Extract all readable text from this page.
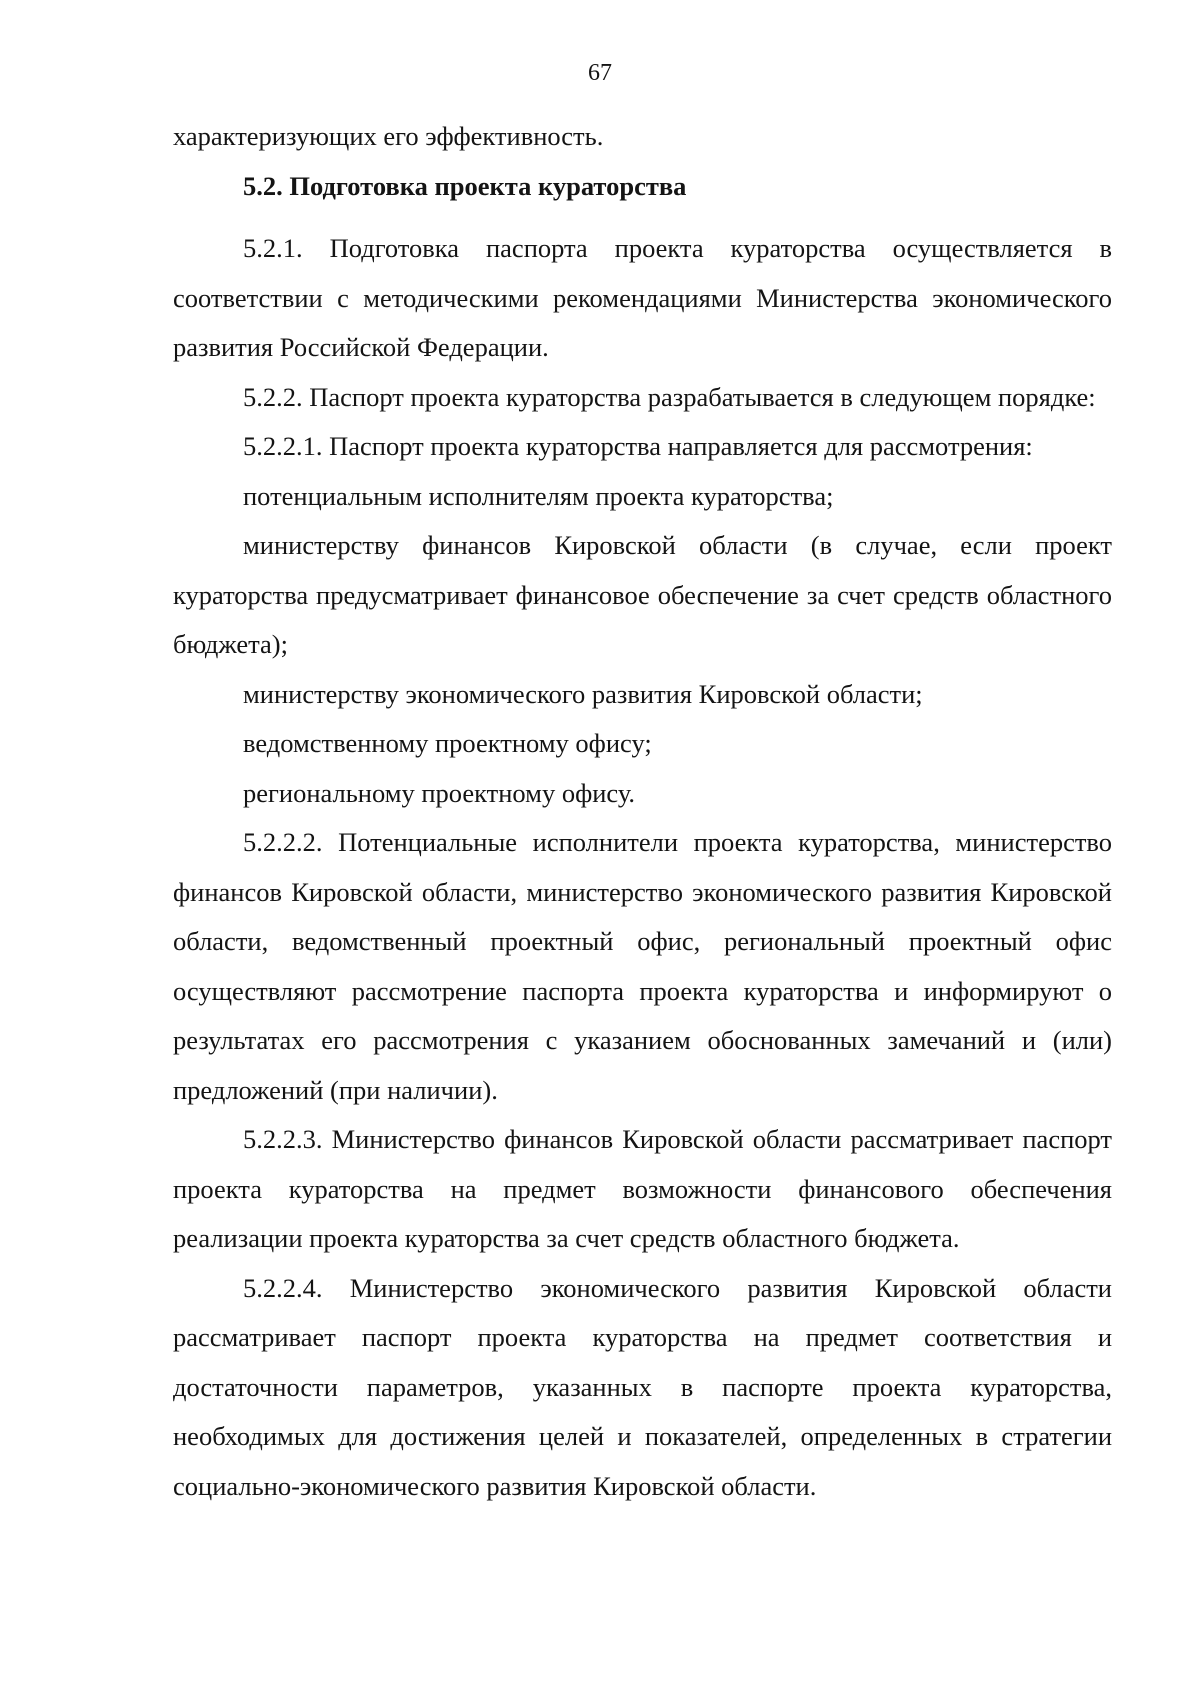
67

характеризующих его эффективность.

5.2. Подготовка проекта кураторства

5.2.1. Подготовка паспорта проекта кураторства осуществляется в соответствии с методическими рекомендациями Министерства экономического развития Российской Федерации.

5.2.2. Паспорт проекта кураторства разрабатывается в следующем порядке:

5.2.2.1. Паспорт проекта кураторства направляется для рассмотрения:

потенциальным исполнителям проекта кураторства;

министерству финансов Кировской области (в случае, если проект кураторства предусматривает финансовое обеспечение за счет средств областного бюджета);

министерству экономического развития Кировской области;

ведомственному проектному офису;

региональному проектному офису.

5.2.2.2. Потенциальные исполнители проекта кураторства, министерство финансов Кировской области, министерство экономического развития Кировской области, ведомственный проектный офис, региональный проектный офис осуществляют рассмотрение паспорта проекта кураторства и информируют о результатах его рассмотрения с указанием обоснованных замечаний и (или) предложений (при наличии).

5.2.2.3. Министерство финансов Кировской области рассматривает паспорт проекта кураторства на предмет возможности финансового обеспечения реализации проекта кураторства за счет средств областного бюджета.

5.2.2.4. Министерство экономического развития Кировской области рассматривает паспорт проекта кураторства на предмет соответствия и достаточности параметров, указанных в паспорте проекта кураторства, необходимых для достижения целей и показателей, определенных в стратегии социально-экономического развития Кировской области.
